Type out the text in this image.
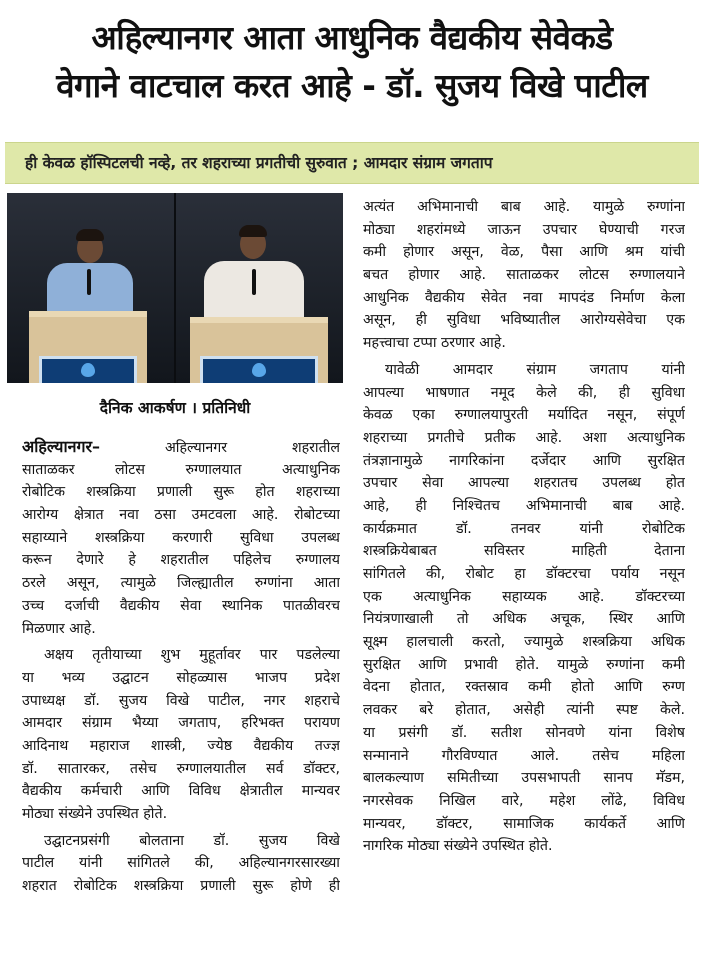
अहिल्यानगर आता आधुनिक वैद्यकीय सेवेकडे
वेगाने वाटचाल करत आहे - डॉ. सुजय विखे पाटील
ही केवळ हॉस्पिटलची नव्हे, तर शहराच्या प्रगतीची सुरुवात ; आमदार संग्राम जगताप
दैनिक आकर्षण । प्रतिनिधी
अहिल्यानगर– अहिल्यानगर शहरातील
साताळकर लोटस रुग्णालयात अत्याधुनिक
रोबोटिक शस्त्रक्रिया प्रणाली सुरू होत शहराच्या
आरोग्य क्षेत्रात नवा ठसा उमटवला आहे. रोबोटच्या
सहाय्याने शस्त्रक्रिया करणारी सुविधा उपलब्ध
करून देणारे हे शहरातील पहिलेच रुग्णालय
ठरले असून, त्यामुळे जिल्ह्यातील रुग्णांना आता
उच्च दर्जाची वैद्यकीय सेवा स्थानिक पातळीवरच
मिळणार आहे.
अक्षय तृतीयाच्या शुभ मुहूर्तावर पार पडलेल्या
या भव्य उद्घाटन सोहळ्यास भाजप प्रदेश
उपाध्यक्ष डॉ. सुजय विखे पाटील, नगर शहराचे
आमदार संग्राम भैय्या जगताप, हरिभक्त परायण
आदिनाथ महाराज शास्त्री, ज्येष्ठ वैद्यकीय तज्ज्ञ
डॉ. सातारकर, तसेच रुग्णालयातील सर्व डॉक्टर,
वैद्यकीय कर्मचारी आणि विविध क्षेत्रातील मान्यवर
मोठ्या संख्येने उपस्थित होते.
उद्घाटनप्रसंगी बोलताना डॉ. सुजय विखे
पाटील यांनी सांगितले की, अहिल्यानगरसारख्या
शहरात रोबोटिक शस्त्रक्रिया प्रणाली सुरू होणे ही
अत्यंत अभिमानाची बाब आहे. यामुळे रुग्णांना
मोठ्या शहरांमध्ये जाऊन उपचार घेण्याची गरज
कमी होणार असून, वेळ, पैसा आणि श्रम यांची
बचत होणार आहे. साताळकर लोटस रुग्णालयाने
आधुनिक वैद्यकीय सेवेत नवा मापदंड निर्माण केला
असून, ही सुविधा भविष्यातील आरोग्यसेवेचा एक
महत्त्वाचा टप्पा ठरणार आहे.
यावेळी आमदार संग्राम जगताप यांनी
आपल्या भाषणात नमूद केले की, ही सुविधा
केवळ एका रुग्णालयापुरती मर्यादित नसून, संपूर्ण
शहराच्या प्रगतीचे प्रतीक आहे. अशा अत्याधुनिक
तंत्रज्ञानामुळे नागरिकांना दर्जेदार आणि सुरक्षित
उपचार सेवा आपल्या शहरातच उपलब्ध होत
आहे, ही निश्चितच अभिमानाची बाब आहे.
कार्यक्रमात डॉ. तनवर यांनी रोबोटिक
शस्त्रक्रियेबाबत सविस्तर माहिती देताना
सांगितले की, रोबोट हा डॉक्टरचा पर्याय नसून
एक अत्याधुनिक सहाय्यक आहे. डॉक्टरच्या
नियंत्रणाखाली तो अधिक अचूक, स्थिर आणि
सूक्ष्म हालचाली करतो, ज्यामुळे शस्त्रक्रिया अधिक
सुरक्षित आणि प्रभावी होते. यामुळे रुग्णांना कमी
वेदना होतात, रक्तस्राव कमी होतो आणि रुग्ण
लवकर बरे होतात, असेही त्यांनी स्पष्ट केले.
या प्रसंगी डॉ. सतीश सोनवणे यांना विशेष
सन्मानाने गौरविण्यात आले. तसेच महिला
बालकल्याण समितीच्या उपसभापती सानप मॅडम,
नगरसेवक निखिल वारे, महेश लोंढे, विविध
मान्यवर, डॉक्टर, सामाजिक कार्यकर्ते आणि
नागरिक मोठ्या संख्येने उपस्थित होते.
